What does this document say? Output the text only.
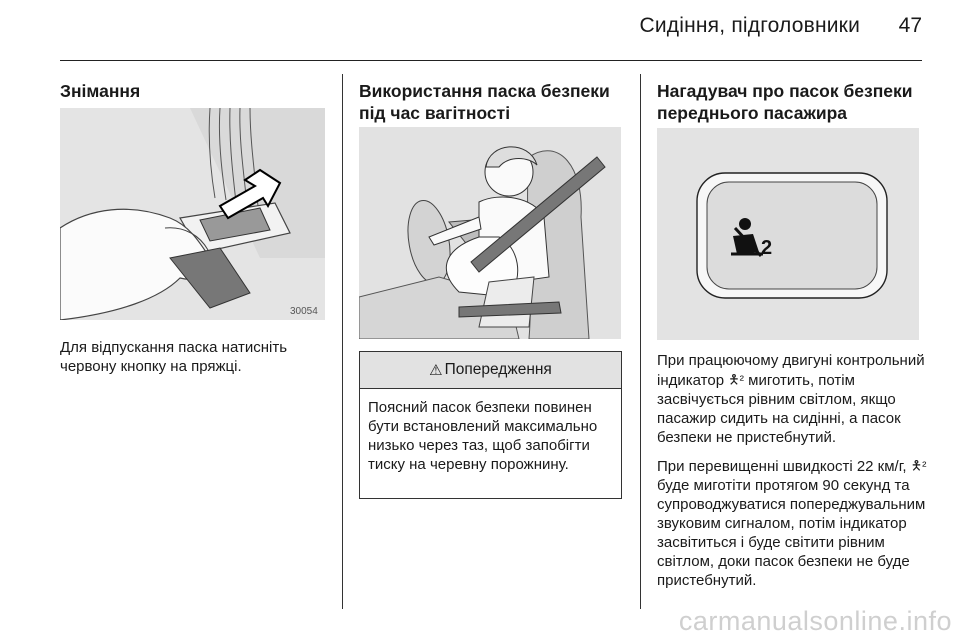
Сидіння, підголовники	47
Знімання
30054

Для відпускання паска натисніть червону кнопку на пряжці.

Використання паска безпеки під час вагітності
⚠ Попередження
Поясний пасок безпеки повинен бути встановлений максимально низько через таз, щоб запобігти тиску на черевну порожнину.
Нагадувач про пасок безпеки переднього пасажира
2

При працюючому двигуні контрольний індикатор 🯅² миготить, потім засвічується рівним світлом, якщо пасажир сидить на сидінні, а пасок безпеки не пристебнутий.

При перевищенні швидкості 22 км/г, 🯅² буде миготіти протягом 90 секунд та супроводжуватися попереджувальним звуковим сигналом, потім індикатор засвітиться і буде світити рівним світлом, доки пасок безпеки не буде пристебнутий.

carmanualsonline.info
